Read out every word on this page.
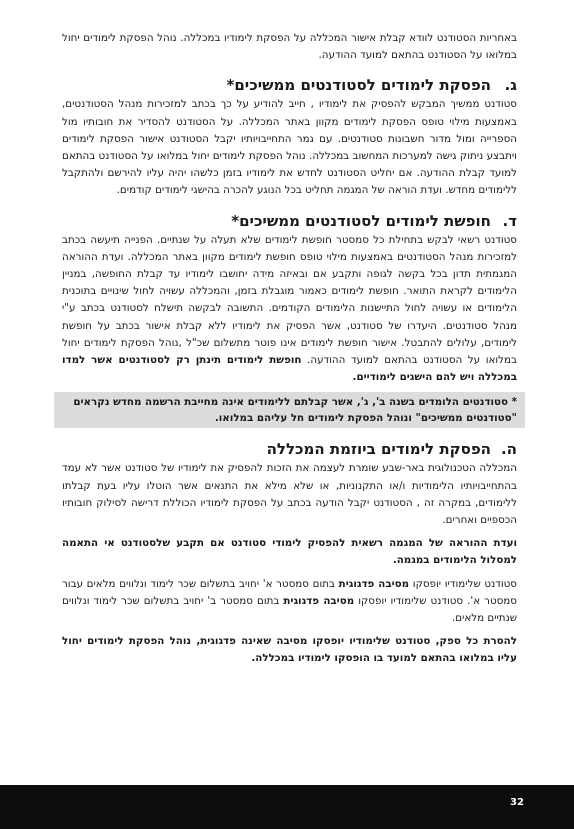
באחריות הסטודנט לוודא קבלת אישור המכללה על הפסקת לימודיו במכללה. נוהל הפסקת לימודים יחול במלואו על הסטודנט בהתאם למועד ההודעה.

ג.
הפסקת לימודים לסטודנטים ממשיכים*

סטודנט ממשיך המבקש להפסיק את לימודיו , חייב להודיע על כך בכתב למזכירות מנהל הסטודנטים, באמצעות מילוי טופס הפסקת לימודים מקוון באתר המכללה. על הסטודנט להסדיר את חובותיו מול הספרייה ומול מדור חשבונות סטודנטים. עם גמר התחייבויותיו יקבל הסטודנט אישור הפסקת לימודים ויתבצע ניתוק גישה למערכות המחשוב במכללה. נוהל הפסקת לימודים יחול במלואו על הסטודנט בהתאם למועד קבלת ההודעה. אם יחליט הסטודנט לחדש את לימודיו בזמן כלשהו יהיה עליו להירשם ולהתקבל ללימודים מחדש. ועדת הוראה של המגמה תחליט בכל הנוגע להכרה בהישגי לימודים קודמים.

ד.
חופשת לימודים לסטודנטים ממשיכים*

סטודנט רשאי לבקש בתחילת כל סמסטר חופשת לימודים שלא תעלה על שנתיים. הפנייה תיעשה בכתב למזכירות מנהל הסטודנטים באמצעות מילוי טופס חופשת לימודים מקוון באתר המכללה. ועדת ההוראה המגמתית תדון בכל בקשה לגופה ותקבע אם ובאיזה מידה יחושבו לימודיו עד קבלת החופשה, במניין הלימודים לקראת התואר. חופשת לימודים כאמור מוגבלת בזמן, והמכללה עשויה לחול שינויים בתוכנית הלימודים או עשויה לחול התיישנות הלימודים הקודמים. התשובה לבקשה תישלח לסטודנט בכתב ע"י מנהל סטודנטים. היעדרו של סטודנט, אשר הפסיק את לימודיו ללא קבלת אישור בכתב על חופשת לימודים, עלולים להתבטל. אישור חופשת לימודים אינו פוטר מתשלום שכ"ל ,נוהל הפסקת לימודים יחול במלואו על הסטודנט בהתאם למועד ההודעה. חופשת לימודים תינתן רק לסטודנטים אשר למדו במכללה ויש להם הישגים לימודיים.

* סטודנטים הלומדים בשנה ב', ג', אשר קבלתם ללימודים אינה מחייבת הרשמה מחדש נקראים "סטודנטים ממשיכים" ונוהל הפסקת לימודים חל עליהם במלואו.
ה.
הפסקת לימודים ביוזמת המכללה

המכללה הטכנולוגית באר-שבע שומרת לעצמה את הזכות להפסיק את לימודיו של סטודנט אשר לא עמד בהתחייבויותיו הלימודיות ו/או התקנוניות, או שלא מילא את התנאים אשר הוטלו עליו בעת קבלתו ללימודים, במקרה זה , הסטודנט יקבל הודעה בכתב על הפסקת לימודיו הכוללת דרישה לסילוק חובותיו הכספיים ואחרים.

ועדת ההוראה של המגמה רשאית להפסיק לימודי סטודנט אם תקבע שלסטודנט אי התאמה למסלול הלימודים במגמה.

סטודנט שלימודיו יופסקו מסיבה פדגוגית בתום סמסטר א' יחויב בתשלום שכר לימוד ונלווים מלאים עבור סמסטר א'. סטודנט שלימודיו יופסקו מסיבה פדגוגית בתום סמסטר ב' יחויב בתשלום שכר לימוד ונלווים שנתיים מלאים.

להסרת כל ספק, סטודנט שלימודיו יופסקו מסיבה שאינה פדגוגית, נוהל הפסקת לימודים יחול עליו במלואו בהתאם למועד בו הופסקו לימודיו במכללה.

32
